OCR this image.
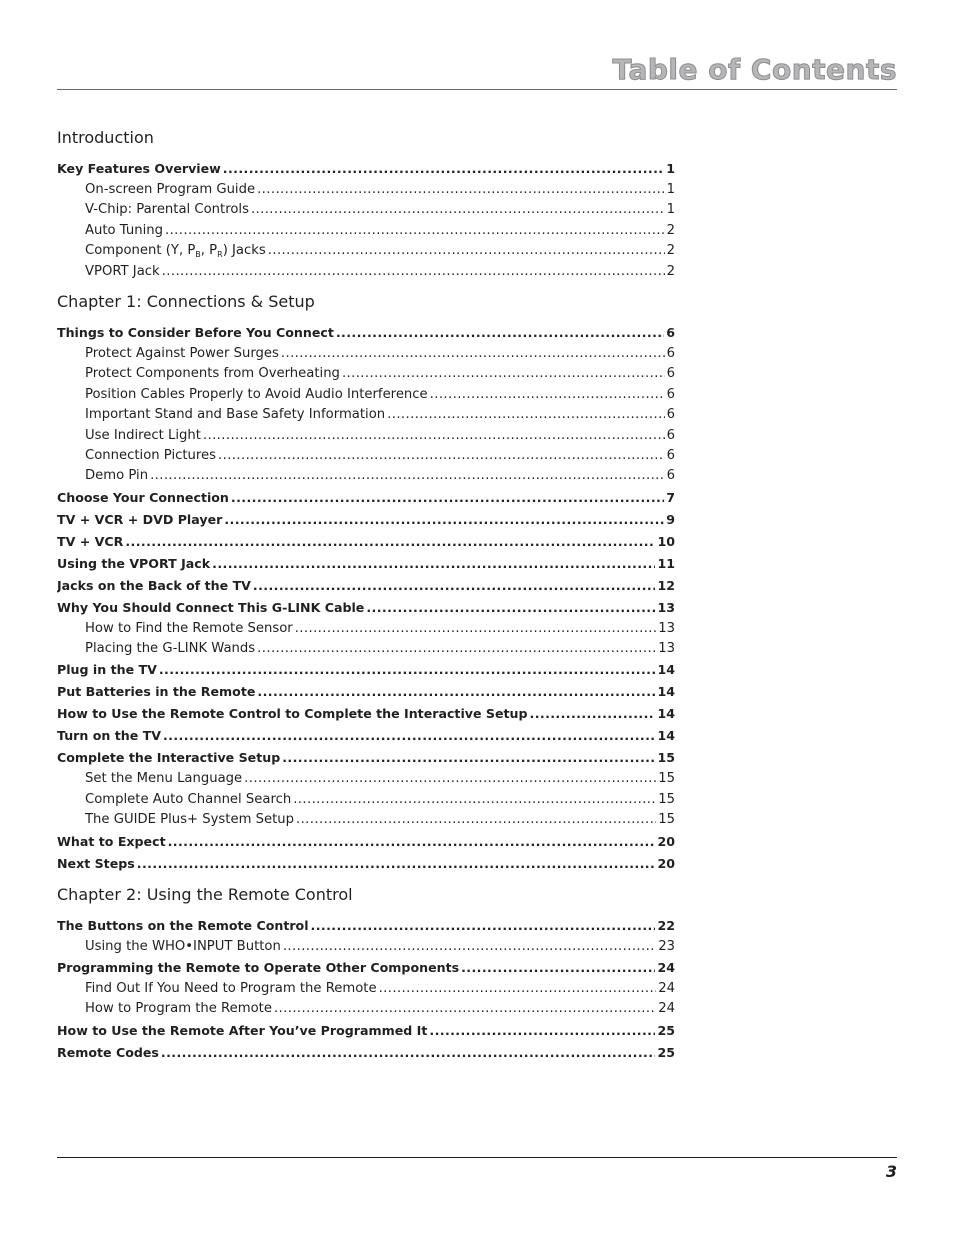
Table of Contents
Introduction
Key Features Overview .....	1
On-screen Program Guide .....	1
V-Chip: Parental Controls .....	1
Auto Tuning .....	2
Component (Y, $P_B$, $P_R$) Jacks .....	2
VPORT Jack .....	2
Chapter 1: Connections & Setup
Things to Consider Before You Connect .....	6
Protect Against Power Surges .....	6
Protect Components from Overheating .....	6
Position Cables Properly to Avoid Audio Interference .....	6
Important Stand and Base Safety Information .....	6
Use Indirect Light .....	6
Connection Pictures .....	6
Demo Pin .....	6
Choose Your Connection .....	7
TV + VCR + DVD Player .....	9
TV + VCR .....	10
Using the VPORT Jack .....	11
Jacks on the Back of the TV .....	12
Why You Should Connect This G-LINK Cable .....	13
How to Find the Remote Sensor .....	13
Placing the G-LINK Wands .....	13
Plug in the TV .....	14
Put Batteries in the Remote .....	14
How to Use the Remote Control to Complete the Interactive Setup .....	14
Turn on the TV .....	14
Complete the Interactive Setup .....	15
Set the Menu Language .....	15
Complete Auto Channel Search .....	15
The GUIDE Plus+ System Setup .....	15
What to Expect .....	20
Next Steps .....	20
Chapter 2: Using the Remote Control
The Buttons on the Remote Control .....	22
Using the WHO•INPUT Button .....	23
Programming the Remote to Operate Other Components .....	24
Find Out If You Need to Program the Remote .....	24
How to Program the Remote .....	24
How to Use the Remote After You’ve Programmed It .....	25
Remote Codes .....	25
3
